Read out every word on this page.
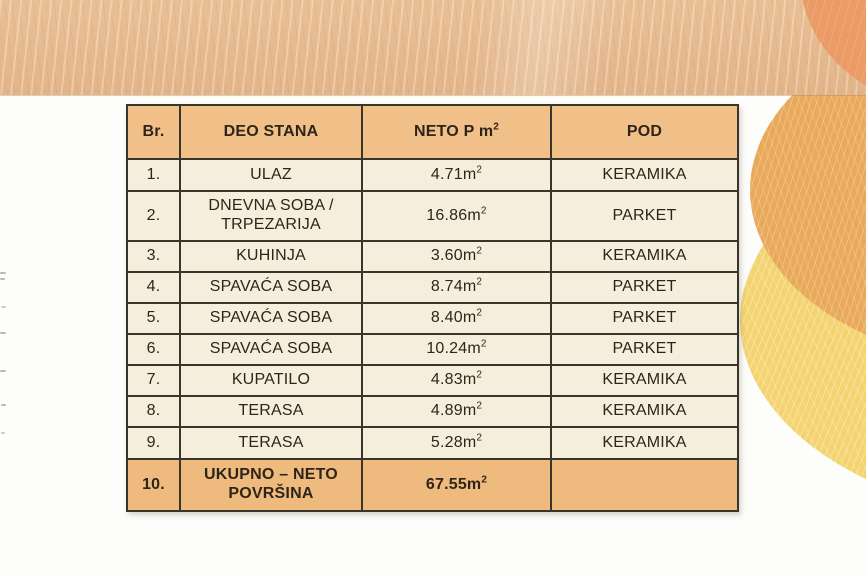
Br.	DEO STANA	NETO P $m^2$	POD
1.	ULAZ	$4.71m^2$	KERAMIKA
2.	DNEVNA SOBA / TRPEZARIJA	$16.86m^2$	PARKET
3.	KUHINJA	$3.60m^2$	KERAMIKA
4.	SPAVAĆA SOBA	$8.74m^2$	PARKET
5.	SPAVAĆA SOBA	$8.40m^2$	PARKET
6.	SPAVAĆA SOBA	$10.24m^2$	PARKET
7.	KUPATILO	$4.83m^2$	KERAMIKA
8.	TERASA	$4.89m^2$	KERAMIKA
9.	TERASA	$5.28m^2$	KERAMIKA
10.	UKUPNO – NETO POVRŠINA	$67.55m^2$	
